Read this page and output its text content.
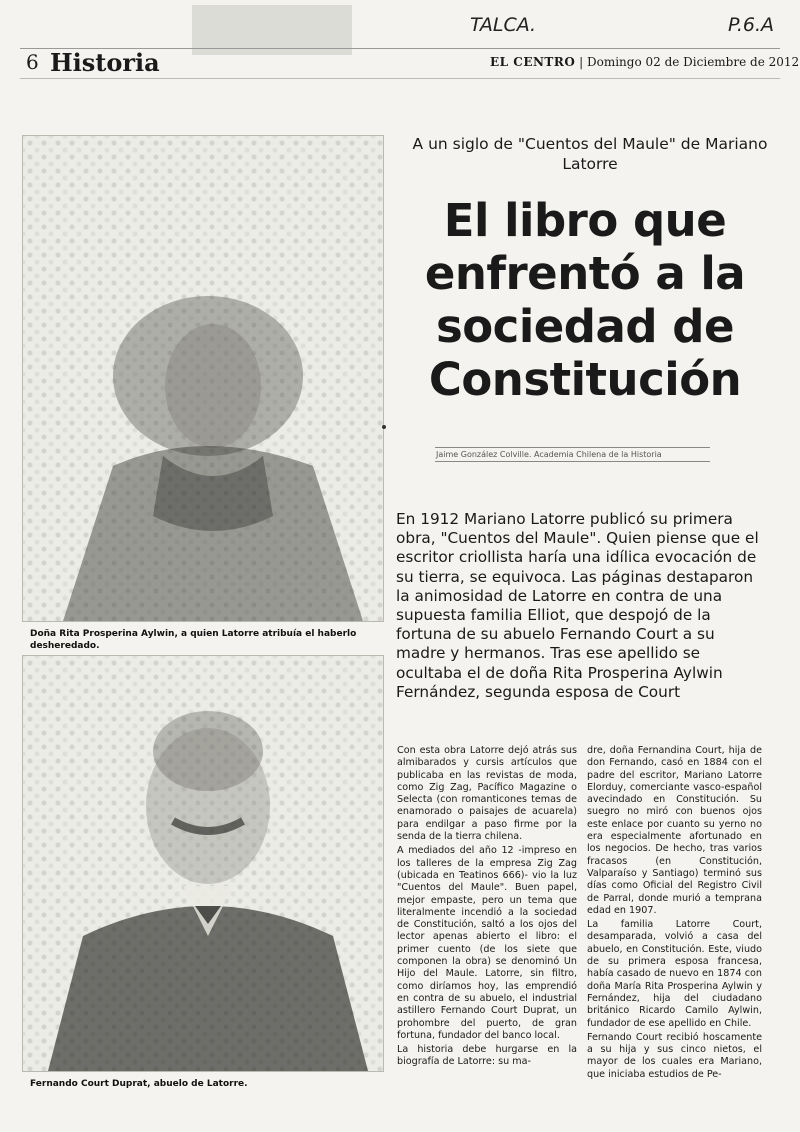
TALCA.	P.6.A
6 Historia	EL CENTRO | Domingo 02 de Diciembre de 2012
Doña Rita Prosperina Aylwin, a quien Latorre atribuía el haberlo desheredado.
Fernando Court Duprat, abuelo de Latorre.
A un siglo de "Cuentos del Maule" de Mariano Latorre
El libro que enfrentó a la sociedad de Constitución
Jaime González Colville. Academia Chilena de la Historia

En 1912 Mariano Latorre publicó su primera obra, "Cuentos del Maule". Quien piense que el escritor criollista haría una idílica evocación de su tierra, se equivoca. Las páginas destaparon la animosidad de Latorre en contra de una supuesta familia Elliot, que despojó de la fortuna de su abuelo Fernando Court a su madre y hermanos. Tras ese apellido se ocultaba el de doña Rita Prosperina Aylwin Fernández, segunda esposa de Court

Con esta obra Latorre dejó atrás sus almibarados y cursis artículos que publicaba en las revistas de moda, como Zig Zag, Pacífico Magazine o Selecta (con romanticones temas de enamorado o paisajes de acuarela) para endilgar a paso firme por la senda de la tierra chilena.

A mediados del año 12 -impreso en los talleres de la empresa Zig Zag (ubicada en Teatinos 666)- vio la luz "Cuentos del Maule". Buen papel, mejor empaste, pero un tema que literalmente incendió a la sociedad de Constitución, saltó a los ojos del lector apenas abierto el libro: el primer cuento (de los siete que componen la obra) se denominó Un Hijo del Maule. Latorre, sin filtro, como diríamos hoy, las emprendió en contra de su abuelo, el industrial astillero Fernando Court Duprat, un prohombre del puerto, de gran fortuna, fundador del banco local.

La historia debe hurgarse en la biografía de Latorre: su ma-

dre, doña Fernandina Court, hija de don Fernando, casó en 1884 con el padre del escritor, Mariano Latorre Elorduy, comerciante vasco-español avecindado en Constitución. Su suegro no miró con buenos ojos este enlace por cuanto su yerno no era especialmente afortunado en los negocios. De hecho, tras varios fracasos (en Constitución, Valparaíso y Santiago) terminó sus días como Oficial del Registro Civil de Parral, donde murió a temprana edad en 1907.

La familia Latorre Court, desamparada, volvió a casa del abuelo, en Constitución. Este, viudo de su primera esposa francesa, había casado de nuevo en 1874 con doña María Rita Prosperina Aylwin y Fernández, hija del ciudadano británico Ricardo Camilo Aylwin, fundador de ese apellido en Chile.

Fernando Court recibió hoscamente a su hija y sus cinco nietos, el mayor de los cuales era Mariano, que iniciaba estudios de Pe-
